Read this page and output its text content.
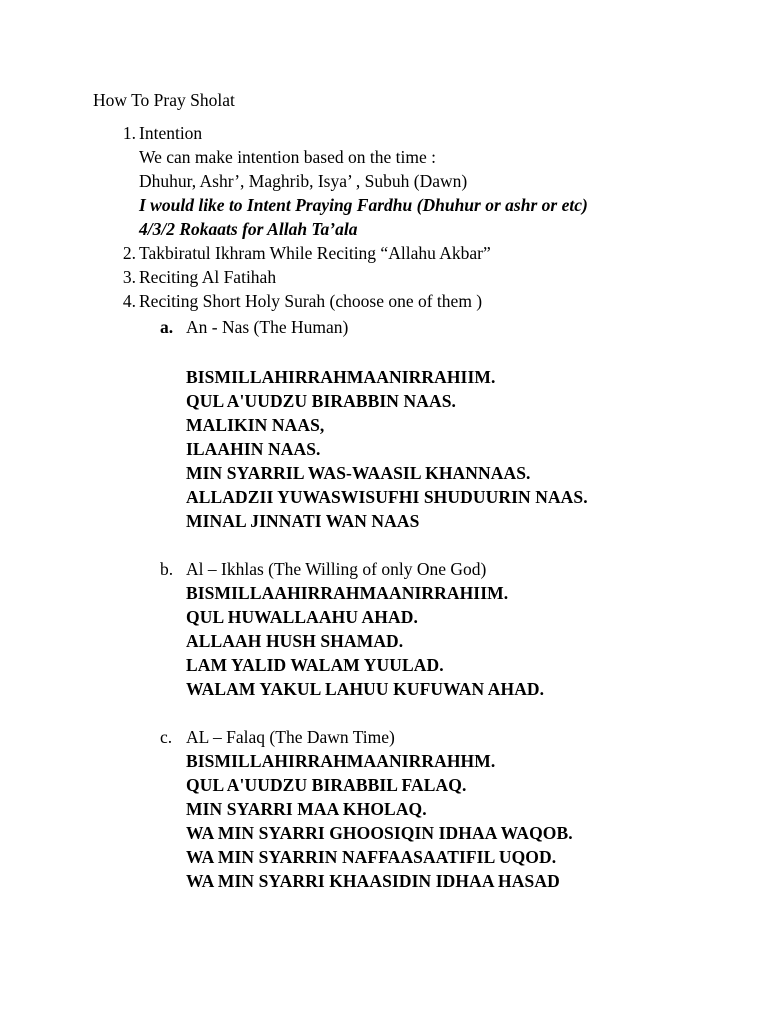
How To Pray Sholat
1. Intention
We can make intention based on the time :
Dhuhur, Ashr’, Maghrib, Isya’ , Subuh (Dawn)
I would like to Intent Praying Fardhu (Dhuhur or ashr or etc)
4/3/2 Rokaats for Allah Ta’ala
2. Takbiratul Ikhram While Reciting “Allahu Akbar”
3. Reciting Al Fatihah
4. Reciting Short Holy Surah (choose one of them )
a. An - Nas (The Human)
BISMILLAHIRRAHMAANIRRAHIIM.
QUL A'UUDZU BIRABBIN NAAS.
MALIKIN NAAS,
ILAAHIN NAAS.
MIN SYARRIL WAS-WAASIL KHANNAAS.
ALLADZII YUWASWISUFHI SHUDUURIN NAAS.
MINAL JINNATI WAN NAAS
b. Al – Ikhlas (The Willing of only One God)
BISMILLAAHIRRAHMAANIRRAHIIM.
QUL HUWALLAAHU AHAD.
ALLAAH HUSH SHAMAD.
LAM YALID WALAM YUULAD.
WALAM YAKUL LAHUU KUFUWAN AHAD.
c. AL – Falaq (The Dawn Time)
BISMILLAHIRRAHMAANIRRAHHM.
QUL A'UUDZU BIRABBIL FALAQ.
MIN SYARRI MAA KHOLAQ.
WA MIN SYARRI GHOOSIQIN IDHAA WAQOB.
WA MIN SYARRIN NAFFAASAATIFIL UQOD.
WA MIN SYARRI KHAASIDIN IDHAA HASAD
